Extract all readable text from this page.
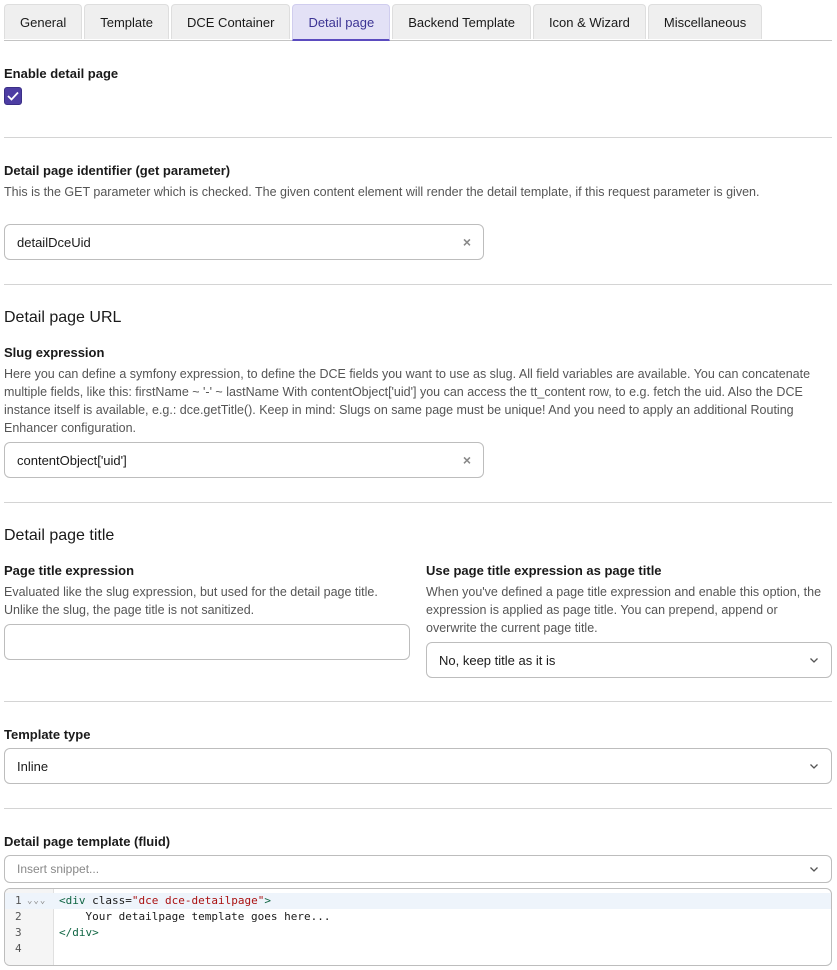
General	Template	DCE Container	Detail page	Backend Template	Icon & Wizard	Miscellaneous
Enable detail page
Detail page identifier (get parameter)
This is the GET parameter which is checked. The given content element will render the detail template, if this request parameter is given.
detailDceUid	×
Detail page URL
Slug expression
Here you can define a symfony expression, to define the DCE fields you want to use as slug. All field variables are available. You can concatenate multiple fields, like this: firstName ~ '-' ~ lastName With contentObject['uid'] you can access the tt_content row, to e.g. fetch the uid. Also the DCE instance itself is available, e.g.: dce.getTitle(). Keep in mind: Slugs on same page must be unique! And you need to apply an additional Routing Enhancer configuration.
contentObject['uid']	×
Detail page title
Page title expression
Evaluated like the slug expression, but used for the detail page title. Unlike the slug, the page title is not sanitized.
Use page title expression as page title
When you've defined a page title expression and enable this option, the expression is applied as page title. You can prepend, append or overwrite the current page title.
No, keep title as it is
Template type
Inline
Detail page template (fluid)
Insert snippet...
1 ⌄⌄⌄ <div class="dce dce-detailpage">
2	Your detailpage template goes here...
3	</div>
4
